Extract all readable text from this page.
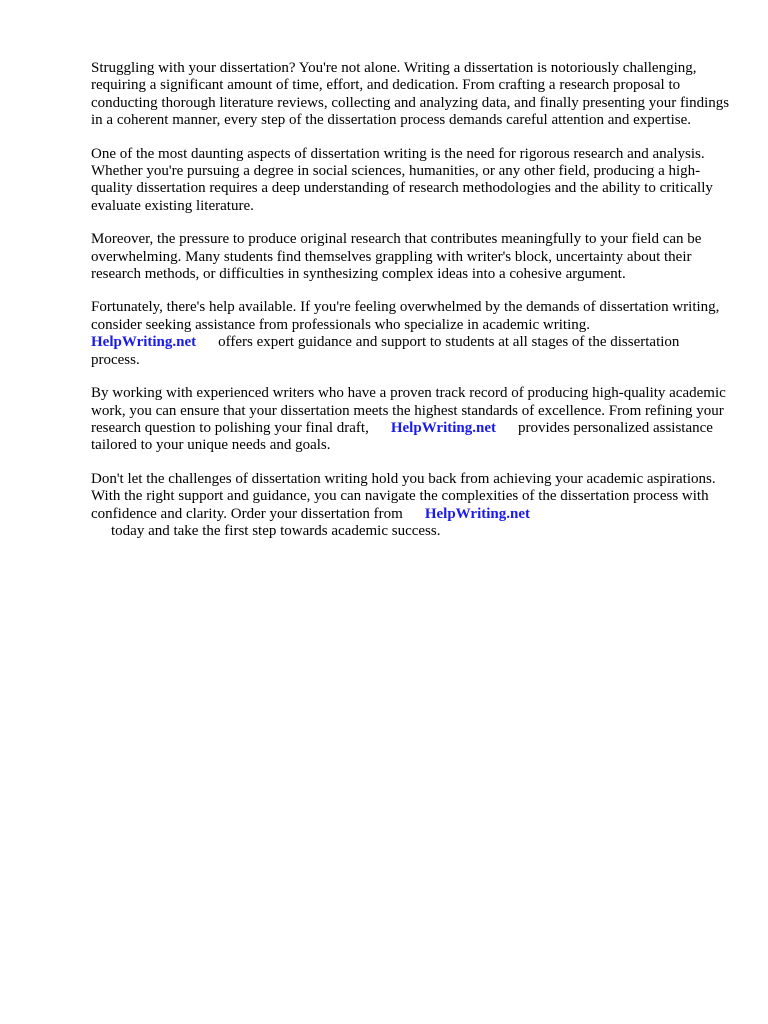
Struggling with your dissertation? You're not alone. Writing a dissertation is notoriously challenging, requiring a significant amount of time, effort, and dedication. From crafting a research proposal to conducting thorough literature reviews, collecting and analyzing data, and finally presenting your findings in a coherent manner, every step of the dissertation process demands careful attention and expertise.

One of the most daunting aspects of dissertation writing is the need for rigorous research and analysis. Whether you're pursuing a degree in social sciences, humanities, or any other field, producing a high-quality dissertation requires a deep understanding of research methodologies and the ability to critically evaluate existing literature.

Moreover, the pressure to produce original research that contributes meaningfully to your field can be overwhelming. Many students find themselves grappling with writer's block, uncertainty about their research methods, or difficulties in synthesizing complex ideas into a cohesive argument.

Fortunately, there's help available. If you're feeling overwhelmed by the demands of dissertation writing, consider seeking assistance from professionals who specialize in academic writing.
HelpWriting.net offers expert guidance and support to students at all stages of the dissertation process.

By working with experienced writers who have a proven track record of producing high-quality academic work, you can ensure that your dissertation meets the highest standards of excellence. From refining your research question to polishing your final draft, HelpWriting.net provides personalized assistance tailored to your unique needs and goals.

Don't let the challenges of dissertation writing hold you back from achieving your academic aspirations. With the right support and guidance, you can navigate the complexities of the dissertation process with confidence and clarity. Order your dissertation from HelpWriting.net
today and take the first step towards academic success.
